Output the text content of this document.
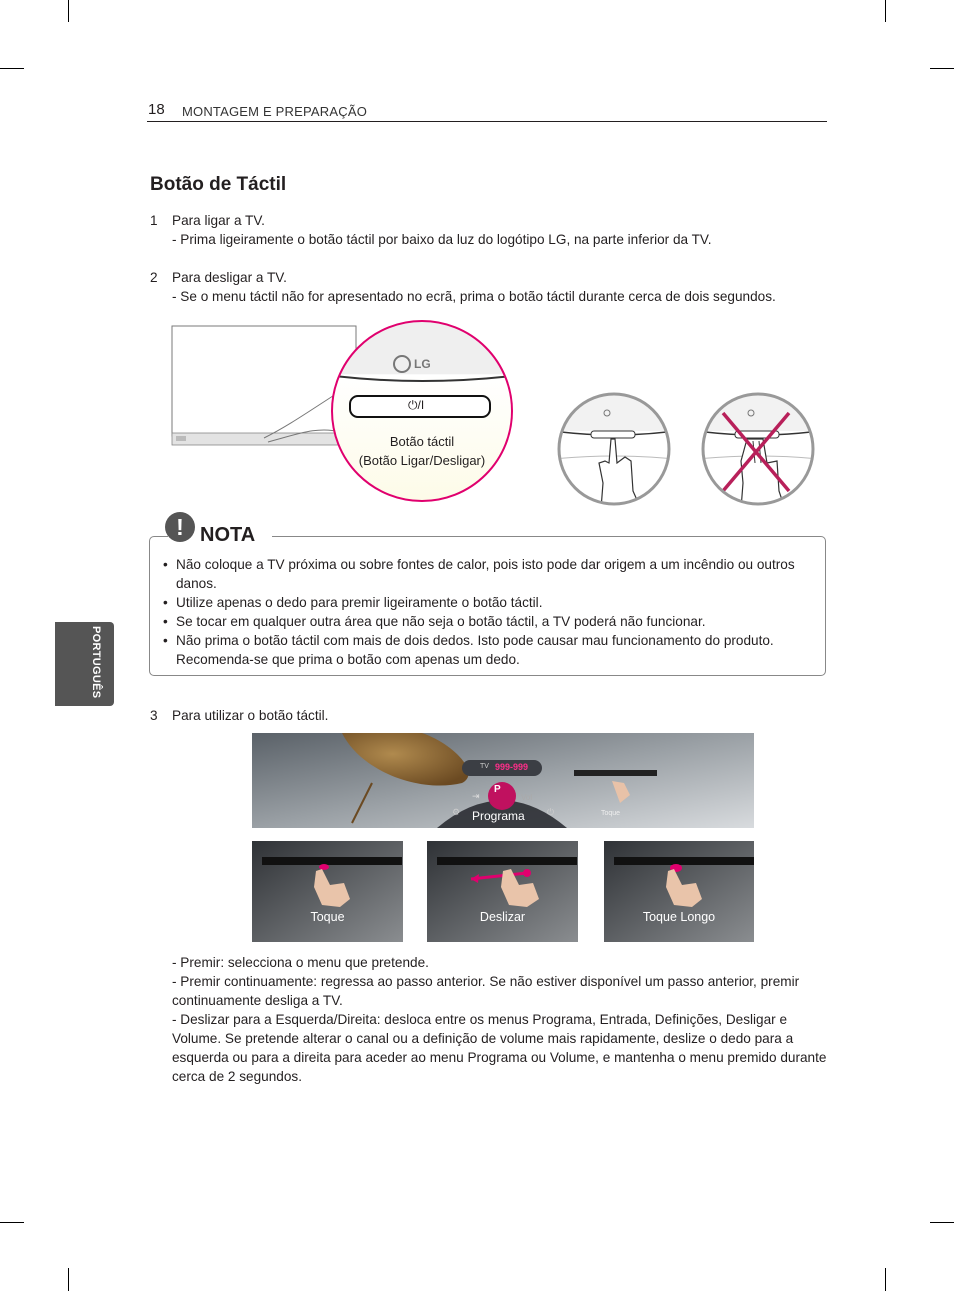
18 MONTAGEM E PREPARAÇÃO
Botão de Táctil
PORTUGUÊS
1 Para ligar a TV.
- Prima ligeiramente o botão táctil por baixo da luz do logótipo LG, na parte inferior da TV.
2 Para desligar a TV.
- Se o menu táctil não for apresentado no ecrã, prima o botão táctil durante cerca de dois segundos.
LG
⏻/I
Botão táctil
(Botão Ligar/Desligar)
! NOTA
• Não coloque a TV próxima ou sobre fontes de calor, pois isto pode dar origem a um incêndio ou outros danos.
• Utilize apenas o dedo para premir ligeiramente o botão táctil.
• Se tocar em qualquer outra área que não seja o botão táctil, a TV poderá não funcionar.
• Não prima o botão táctil com mais de dois dedos. Isto pode causar mau funcionamento do produto. Recomenda-se que prima o botão com apenas um dedo.
3 Para utilizar o botão táctil.
TV 999-999
⇥
P
Vol
⚙	⏻
Programa	Toque
Toque	Deslizar	Toque Longo

- Premir: selecciona o menu que pretende.

- Premir continuamente: regressa ao passo anterior. Se não estiver disponível um passo anterior, premir continuamente desliga a TV.

- Deslizar para a Esquerda/Direita: desloca entre os menus Programa, Entrada, Definições, Desligar e Volume. Se pretende alterar o canal ou a definição de volume mais rapidamente, deslize o dedo para a esquerda ou para a direita para aceder ao menu Programa ou Volume, e mantenha o menu premido durante cerca de 2 segundos.
